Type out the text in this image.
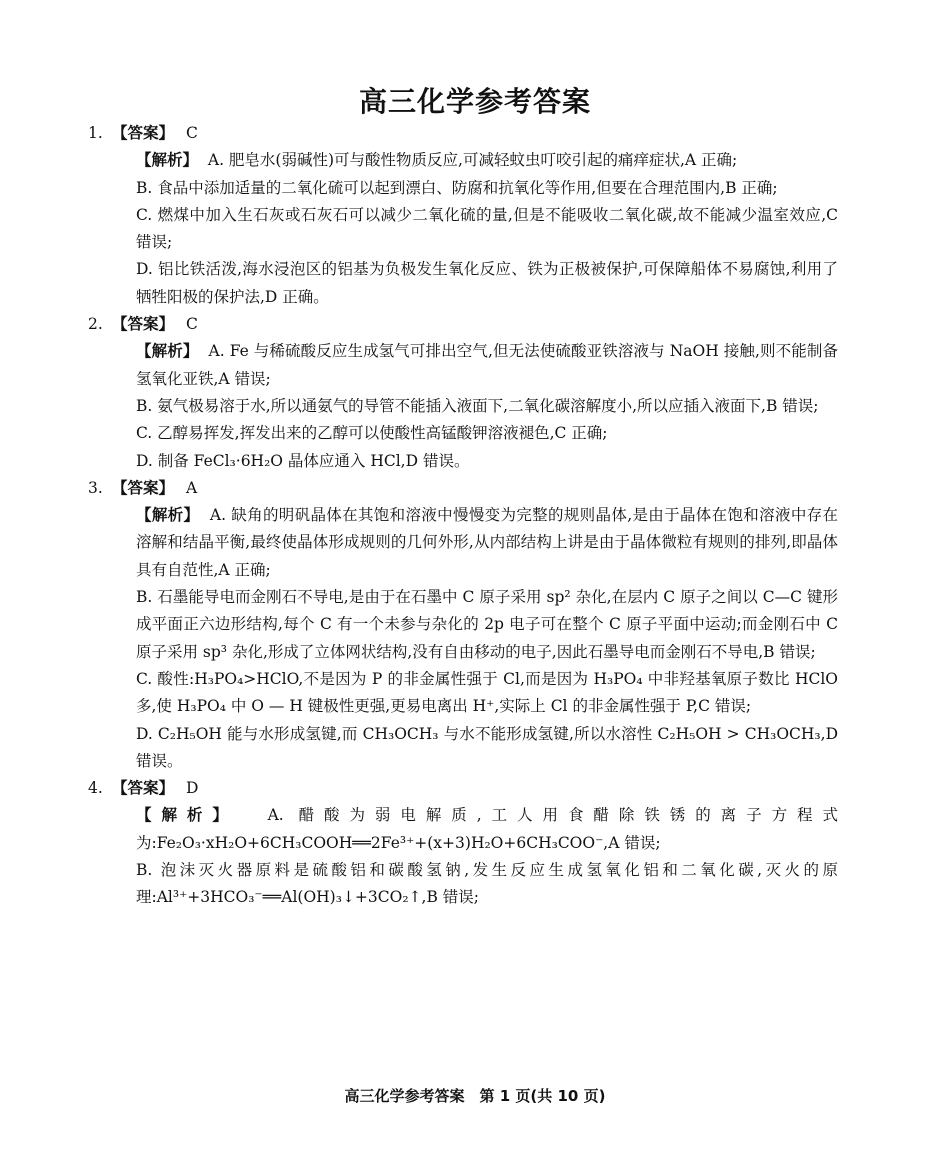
高三化学参考答案
1. 【答案】 C

【解析】 A. 肥皂水(弱碱性)可与酸性物质反应,可减轻蚊虫叮咬引起的痛痒症状,A 正确;

B. 食品中添加适量的二氧化硫可以起到漂白、防腐和抗氧化等作用,但要在合理范围内,B 正确;

C. 燃煤中加入生石灰或石灰石可以减少二氧化硫的量,但是不能吸收二氧化碳,故不能减少温室效应,C 错误;

D. 铝比铁活泼,海水浸泡区的铝基为负极发生氧化反应、铁为正极被保护,可保障船体不易腐蚀,利用了牺牲阳极的保护法,D 正确。

2. 【答案】 C

【解析】 A. Fe 与稀硫酸反应生成氢气可排出空气,但无法使硫酸亚铁溶液与 NaOH 接触,则不能制备氢氧化亚铁,A 错误;

B. 氨气极易溶于水,所以通氨气的导管不能插入液面下,二氧化碳溶解度小,所以应插入液面下,B 错误;

C. 乙醇易挥发,挥发出来的乙醇可以使酸性高锰酸钾溶液褪色,C 正确;

D. 制备 FeCl₃·6H₂O 晶体应通入 HCl,D 错误。

3. 【答案】 A

【解析】 A. 缺角的明矾晶体在其饱和溶液中慢慢变为完整的规则晶体,是由于晶体在饱和溶液中存在溶解和结晶平衡,最终使晶体形成规则的几何外形,从内部结构上讲是由于晶体微粒有规则的排列,即晶体具有自范性,A 正确;

B. 石墨能导电而金刚石不导电,是由于在石墨中 C 原子采用 sp² 杂化,在层内 C 原子之间以 C—C 键形成平面正六边形结构,每个 C 有一个未参与杂化的 2p 电子可在整个 C 原子平面中运动;而金刚石中 C 原子采用 sp³ 杂化,形成了立体网状结构,没有自由移动的电子,因此石墨导电而金刚石不导电,B 错误;

C. 酸性:H₃PO₄>HClO,不是因为 P 的非金属性强于 Cl,而是因为 H₃PO₄ 中非羟基氧原子数比 HClO 多,使 H₃PO₄ 中 O — H 键极性更强,更易电离出 H⁺,实际上 Cl 的非金属性强于 P,C 错误;

D. C₂H₅OH 能与水形成氢键,而 CH₃OCH₃ 与水不能形成氢键,所以水溶性 C₂H₅OH > CH₃OCH₃,D 错误。

4. 【答案】 D

【解析】 A. 醋酸为弱电解质,工人用食醋除铁锈的离子方程式为:Fe₂O₃·xH₂O+6CH₃COOH══2Fe³⁺+(x+3)H₂O+6CH₃COO⁻,A 错误;

B. 泡沫灭火器原料是硫酸铝和碳酸氢钠,发生反应生成氢氧化铝和二氧化碳,灭火的原理:Al³⁺+3HCO₃⁻══Al(OH)₃↓+3CO₂↑,B 错误;

高三化学参考答案　第 1 页(共 10 页)
